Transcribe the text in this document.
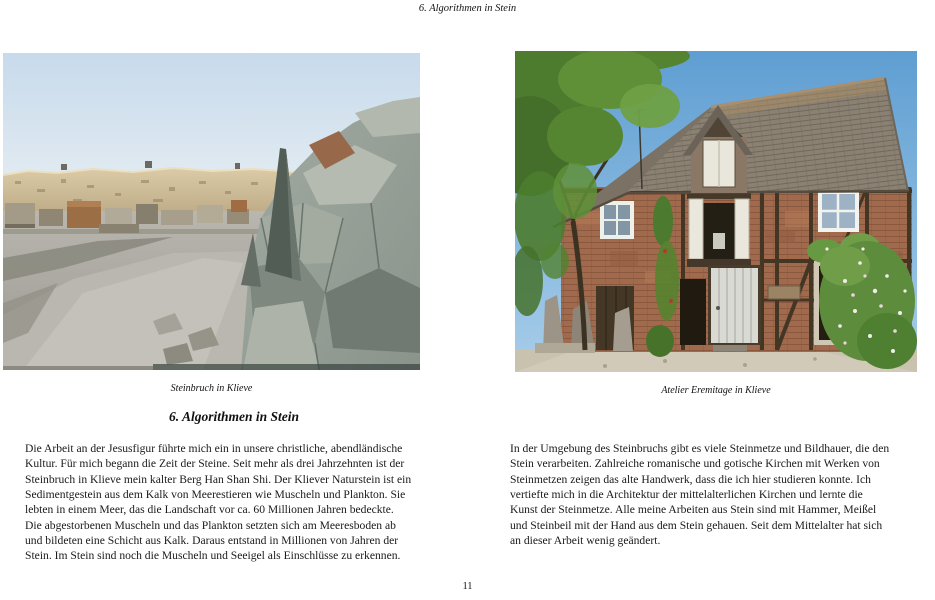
6. Algorithmen in Stein
Steinbruch in Klieve	Atelier Eremitage in Klieve
6. Algorithmen in Stein
Die Arbeit an der Jesusfigur führte mich ein in unsere christliche, abendländische
Kultur. Für mich begann die Zeit der Steine. Seit mehr als drei Jahrzehnten ist der
Steinbruch in Klieve mein kalter Berg Han Shan Shi. Der Kliever Naturstein ist ein
Sedimentgestein aus dem Kalk von Meerestieren wie Muscheln und Plankton. Sie
lebten in einem Meer, das die Landschaft vor ca. 60 Millionen Jahren bedeckte.
Die abgestorbenen Muscheln und das Plankton setzten sich am Meeresboden ab
und bildeten eine Schicht aus Kalk. Daraus entstand in Millionen von Jahren der
Stein. Im Stein sind noch die Muscheln und Seeigel als Einschlüsse zu erkennen.
In der Umgebung des Steinbruchs gibt es viele Steinmetze und Bildhauer, die den
Stein verarbeiten. Zahlreiche romanische und gotische Kirchen mit Werken von
Steinmetzen zeigen das alte Handwerk, dass die ich hier studieren konnte. Ich
vertiefte mich in die Architektur der mittelalterlichen Kirchen und lernte die
Kunst der Steinmetze. Alle meine Arbeiten aus Stein sind mit Hammer, Meißel
und Steinbeil mit der Hand aus dem Stein gehauen. Seit dem Mittelalter hat sich
an dieser Arbeit wenig geändert.
11
